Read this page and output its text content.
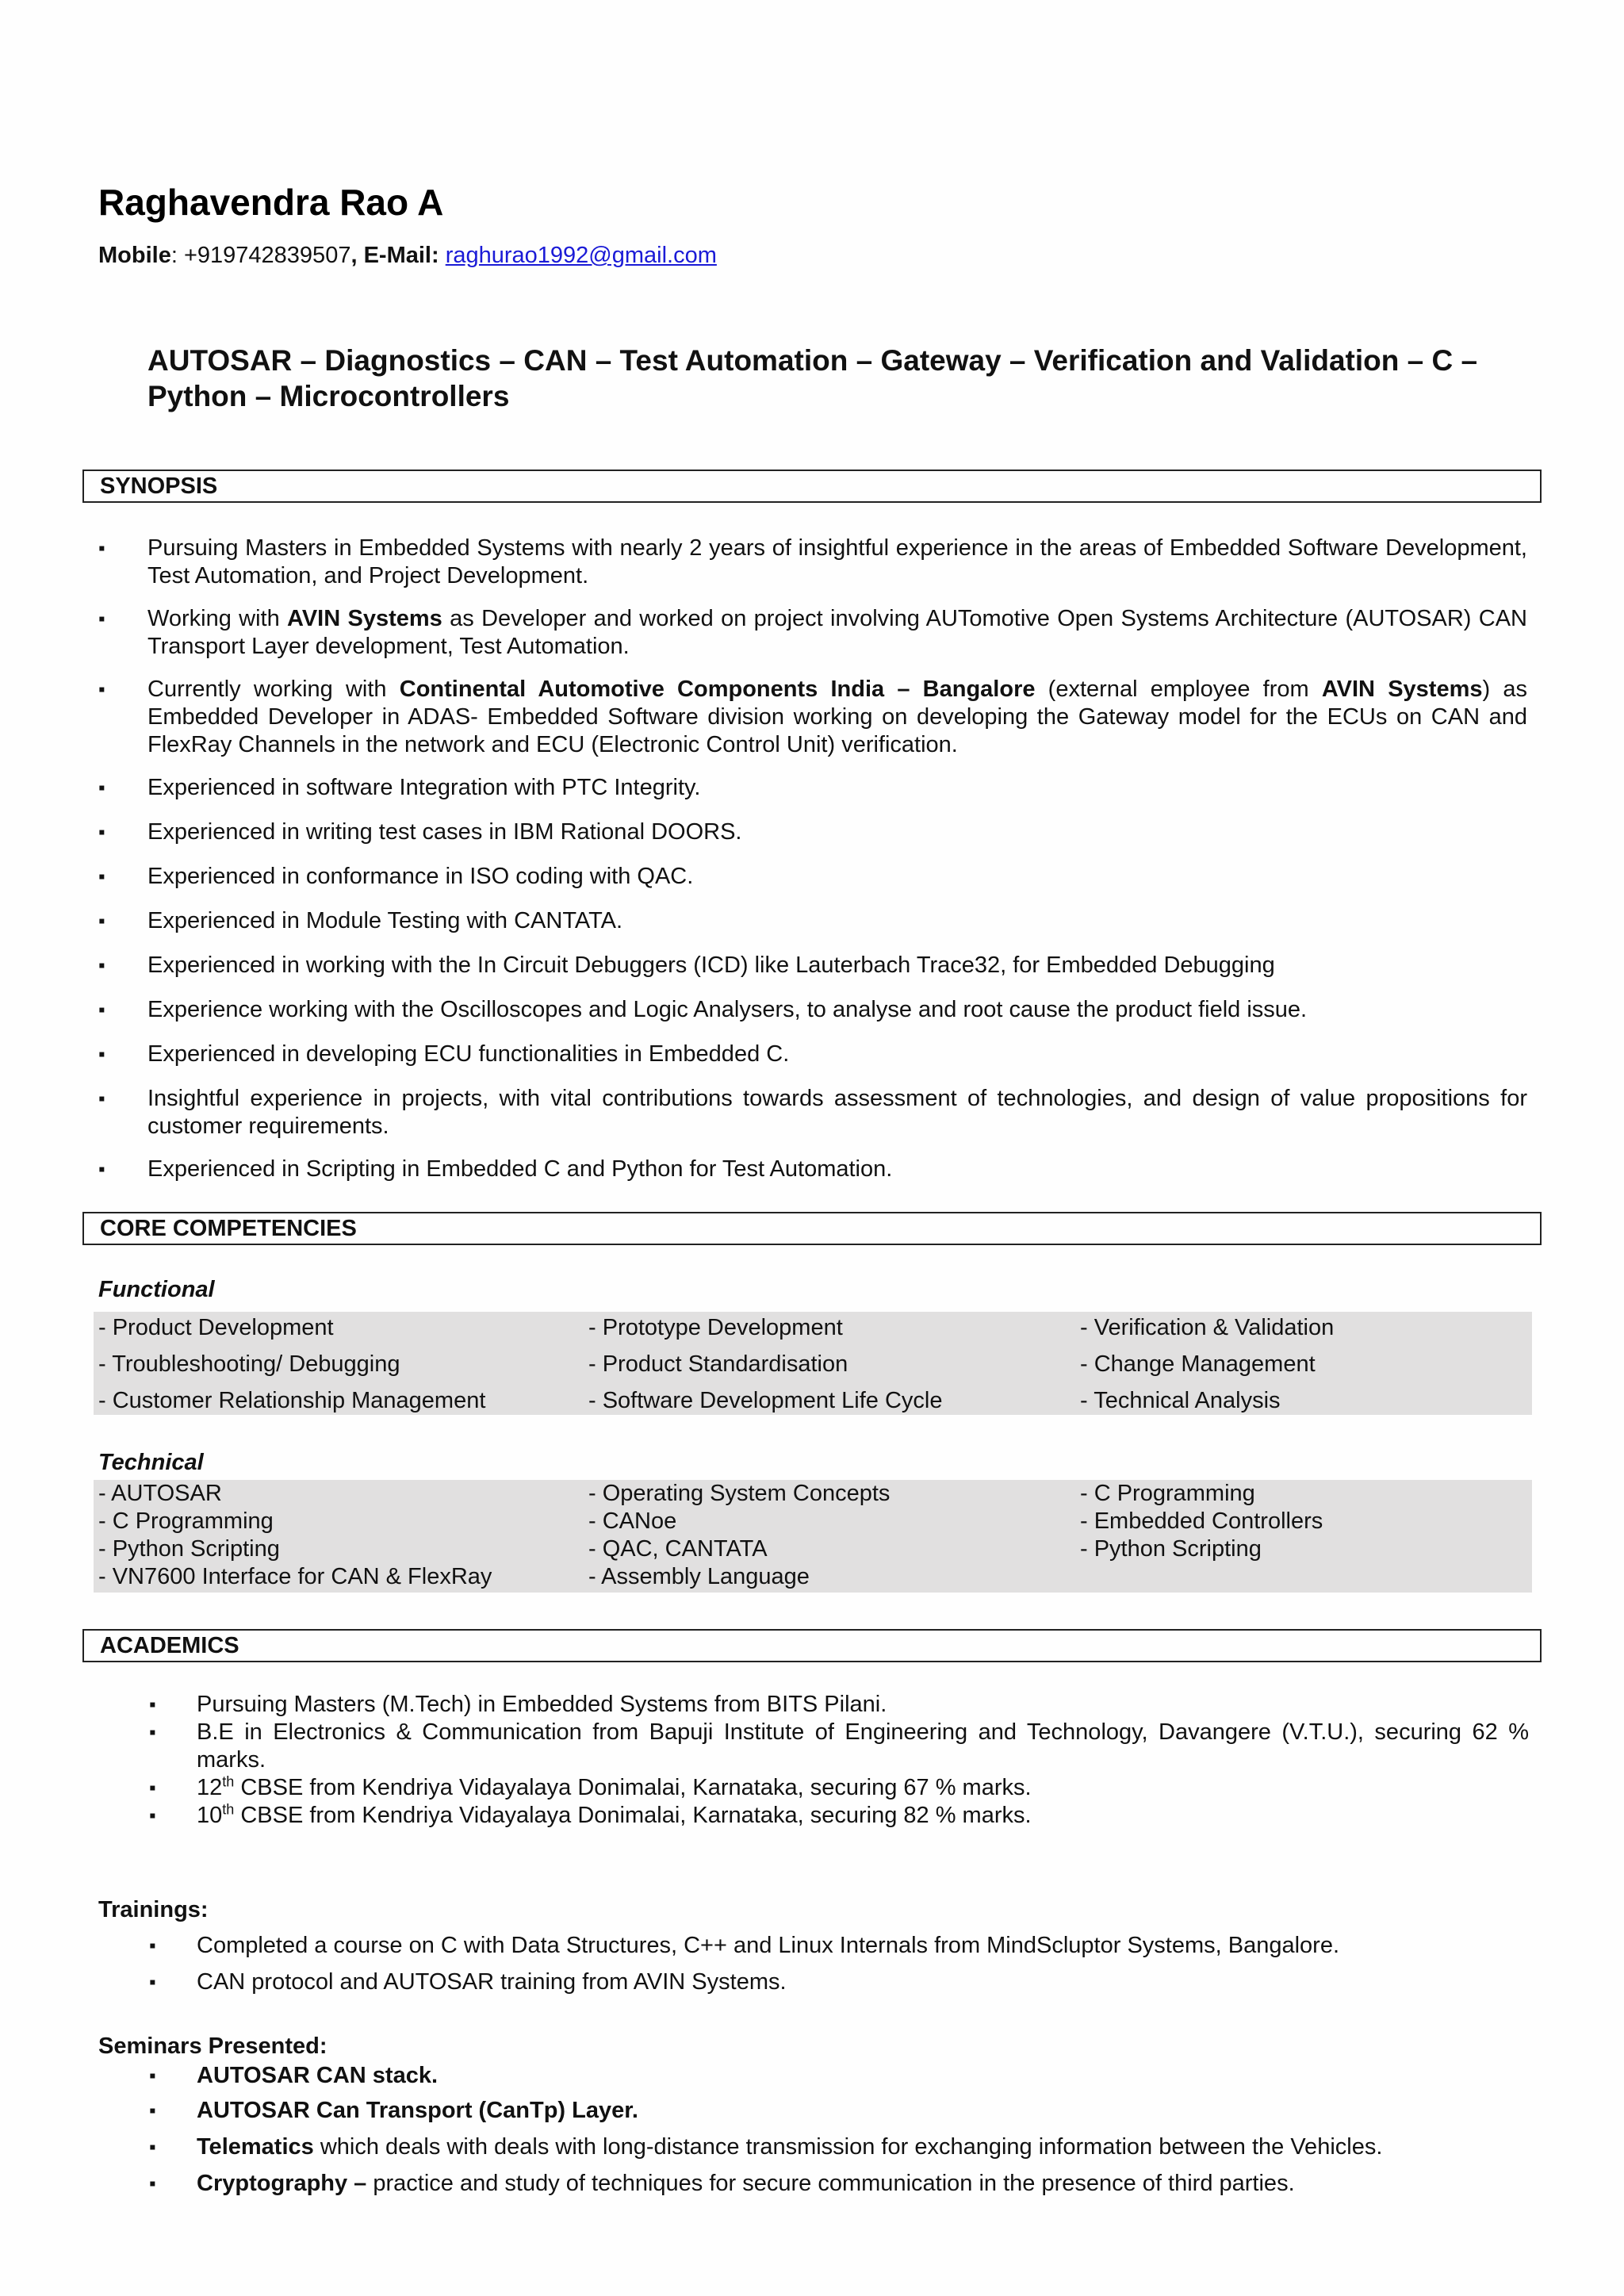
Raghavendra Rao A
Mobile: +919742839507, E-Mail: raghurao1992@gmail.com
AUTOSAR – Diagnostics – CAN – Test Automation – Gateway – Verification and Validation – C – Python – Microcontrollers
SYNOPSIS
▪ Pursuing Masters in Embedded Systems with nearly 2 years of insightful experience in the areas of Embedded Software Development, Test Automation, and Project Development.
▪ Working with AVIN Systems as Developer and worked on project involving AUTomotive Open Systems Architecture (AUTOSAR) CAN Transport Layer development, Test Automation.
▪ Currently working with Continental Automotive Components India – Bangalore (external employee from AVIN Systems) as Embedded Developer in ADAS- Embedded Software division working on developing the Gateway model for the ECUs on CAN and FlexRay Channels in the network and ECU (Electronic Control Unit) verification.
▪ Experienced in software Integration with PTC Integrity.
▪ Experienced in writing test cases in IBM Rational DOORS.
▪ Experienced in conformance in ISO coding with QAC.
▪ Experienced in Module Testing with CANTATA.
▪ Experienced in working with the In Circuit Debuggers (ICD) like Lauterbach Trace32, for Embedded Debugging
▪ Experience working with the Oscilloscopes and Logic Analysers, to analyse and root cause the product field issue.
▪ Experienced in developing ECU functionalities in Embedded C.
▪ Insightful experience in projects, with vital contributions towards assessment of technologies, and design of value propositions for customer requirements.
▪ Experienced in Scripting in Embedded C and Python for Test Automation.
CORE COMPETENCIES
Functional
- Product Development	- Prototype Development	- Verification & Validation
- Troubleshooting/ Debugging	- Product Standardisation	- Change Management
- Customer Relationship Management	- Software Development Life Cycle	- Technical Analysis
Technical
- AUTOSAR	- Operating System Concepts	- C Programming
- C Programming	- CANoe	- Embedded Controllers
- Python Scripting	- QAC, CANTATA	- Python Scripting
- VN7600 Interface for CAN & FlexRay	- Assembly Language
ACADEMICS
▪ Pursuing Masters (M.Tech) in Embedded Systems from BITS Pilani.
▪ B.E in Electronics & Communication from Bapuji Institute of Engineering and Technology, Davangere (V.T.U.), securing 62 % marks.
▪ 12th CBSE from Kendriya Vidayalaya Donimalai, Karnataka, securing 67 % marks.
▪ 10th CBSE from Kendriya Vidayalaya Donimalai, Karnataka, securing 82 % marks.
Trainings:
▪ Completed a course on C with Data Structures, C++ and Linux Internals from MindScluptor Systems, Bangalore.
▪ CAN protocol and AUTOSAR training from AVIN Systems.
Seminars Presented:
▪ AUTOSAR CAN stack.
▪ AUTOSAR Can Transport (CanTp) Layer.
▪ Telematics which deals with deals with long-distance transmission for exchanging information between the Vehicles.
▪ Cryptography – practice and study of techniques for secure communication in the presence of third parties.
